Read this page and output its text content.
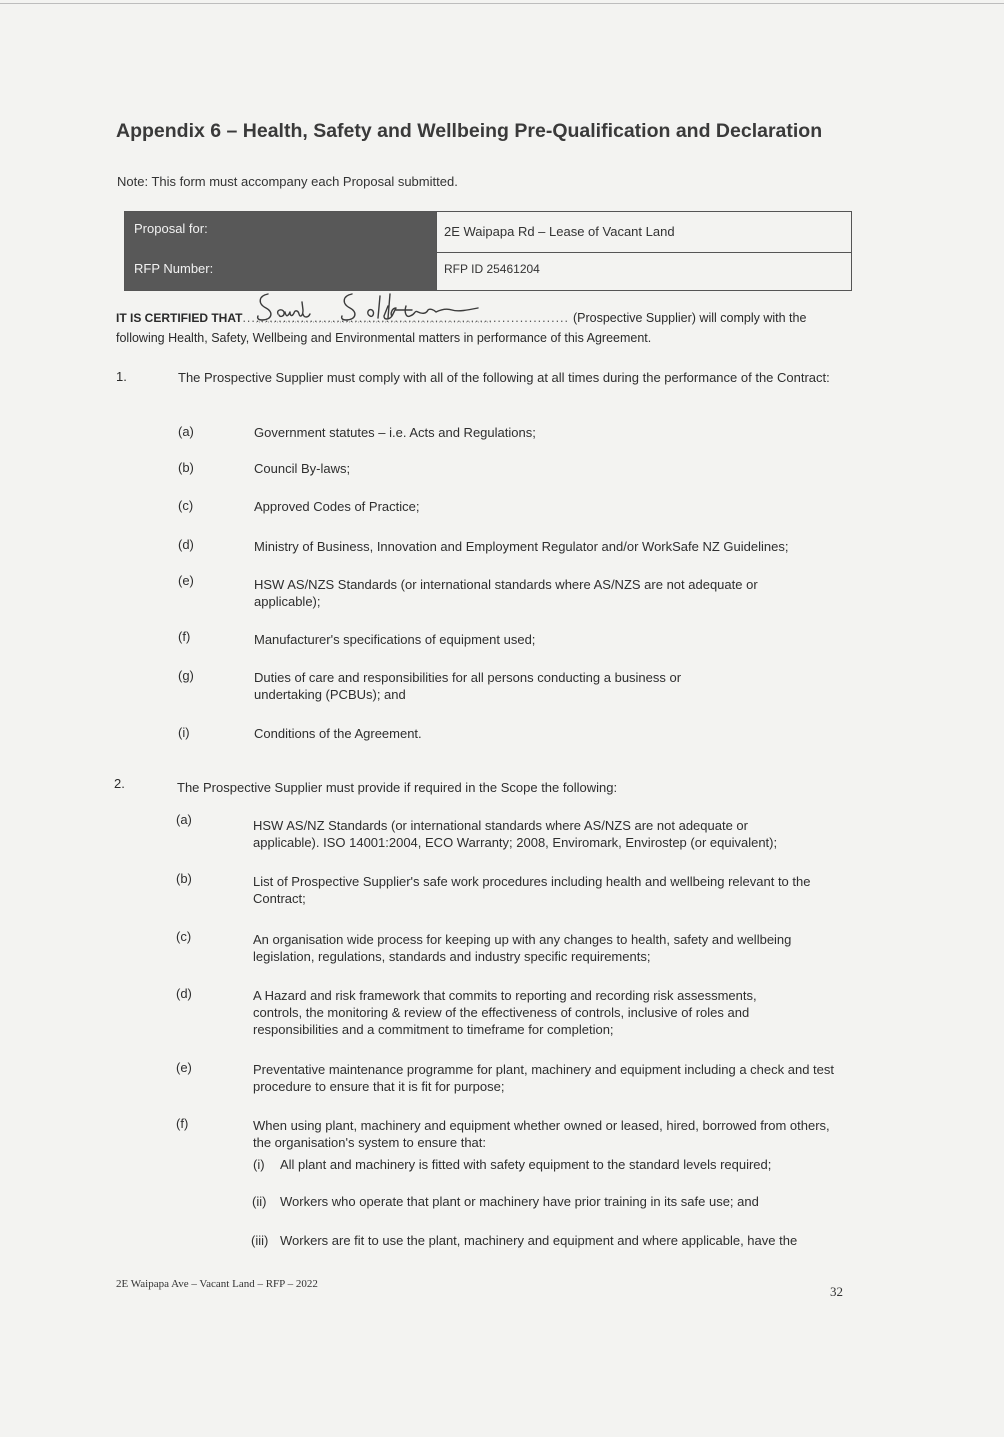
Appendix 6 – Health, Safety and Wellbeing Pre-Qualification and Declaration
Note: This form must accompany each Proposal submitted.
Proposal for:	2E Waipapa Rd – Lease of Vacant Land
RFP Number:	RFP ID 25461204
IT IS CERTIFIED THAT......................................................................... (Prospective Supplier) will comply with the
following Health, Safety, Wellbeing and Environmental matters in performance of this Agreement.
1.	The Prospective Supplier must comply with all of the following at all times during the performance of the Contract:
(a)	Government statutes – i.e. Acts and Regulations;
(b)	Council By-laws;
(c)	Approved Codes of Practice;
(d)	Ministry of Business, Innovation and Employment Regulator and/or WorkSafe NZ Guidelines;
(e)	HSW AS/NZS Standards (or international standards where AS/NZS are not adequate or applicable);
(f)	Manufacturer's specifications of equipment used;
(g)	Duties of care and responsibilities for all persons conducting a business or undertaking (PCBUs); and
(i)	Conditions of the Agreement.
2.	The Prospective Supplier must provide if required in the Scope the following:
(a)	HSW AS/NZ Standards (or international standards where AS/NZS are not adequate or applicable). ISO 14001:2004, ECO Warranty; 2008, Enviromark, Envirostep (or equivalent);
(b)	List of Prospective Supplier's safe work procedures including health and wellbeing relevant to the Contract;
(c)	An organisation wide process for keeping up with any changes to health, safety and wellbeing legislation, regulations, standards and industry specific requirements;
(d)	A Hazard and risk framework that commits to reporting and recording risk assessments, controls, the monitoring & review of the effectiveness of controls, inclusive of roles and responsibilities and a commitment to timeframe for completion;
(e)	Preventative maintenance programme for plant, machinery and equipment including a check and test procedure to ensure that it is fit for purpose;
(f)	When using plant, machinery and equipment whether owned or leased, hired, borrowed from others, the organisation's system to ensure that:
(i) All plant and machinery is fitted with safety equipment to the standard levels required;
(ii) Workers who operate that plant or machinery have prior training in its safe use; and
(iii) Workers are fit to use the plant, machinery and equipment and where applicable, have the
2E Waipapa Ave – Vacant Land – RFP – 2022	32
